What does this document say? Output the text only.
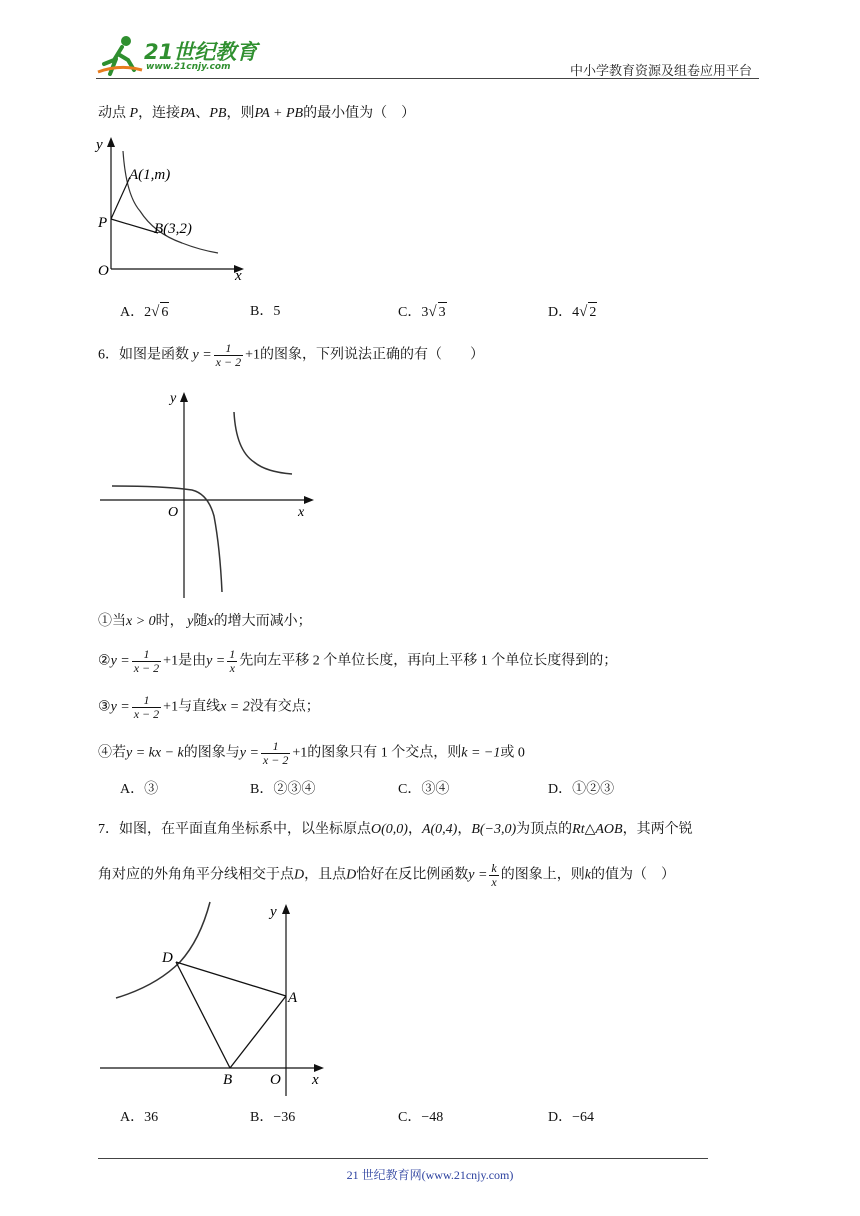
21世纪教育
www.21cnjy.com	中小学教育资源及组卷应用平台
动点 P，连接PA、PB，则PA + PB的最小值为（　）
y
A(1,m)
P	B(3,2)
O	x
A．2√ 6	B．5	C．3√ 3	D．4√ 2
6．如图是函数 $y = \frac{1}{x - 2} +1$的图象，下列说法正确的有（　　）
y
O	x
①当x > 0时， y随x的增大而减小；
②y = $\frac{1}{x - 2} +1$是由$y = \frac{1}{x}$ 先向左平移 2 个单位长度，再向上平移 1 个单位长度得到的；
③y = $\frac{1}{x - 2} +1$与直线x = 2没有交点；
④若y = kx − k的图象与$y = \frac{1}{x - 2} +1$的图象只有 1 个交点，则k = −1或 0
A．③	B．②③④	C．③④	D．①②③
7．如图，在平面直角坐标系中，以坐标原点O(0,0)，A(0,4)，B(−3,0)为顶点的Rt△AOB，其两个锐
角对应的外角角平分线相交于点D，且点D恰好在反比例函数$y = \frac{k}{x}$ 的图象上，则k的值为（　）
y
D
A
B	O x
A．36	B．−36	C．−48	D．−64
21 世纪教育网(www.21cnjy.com)
